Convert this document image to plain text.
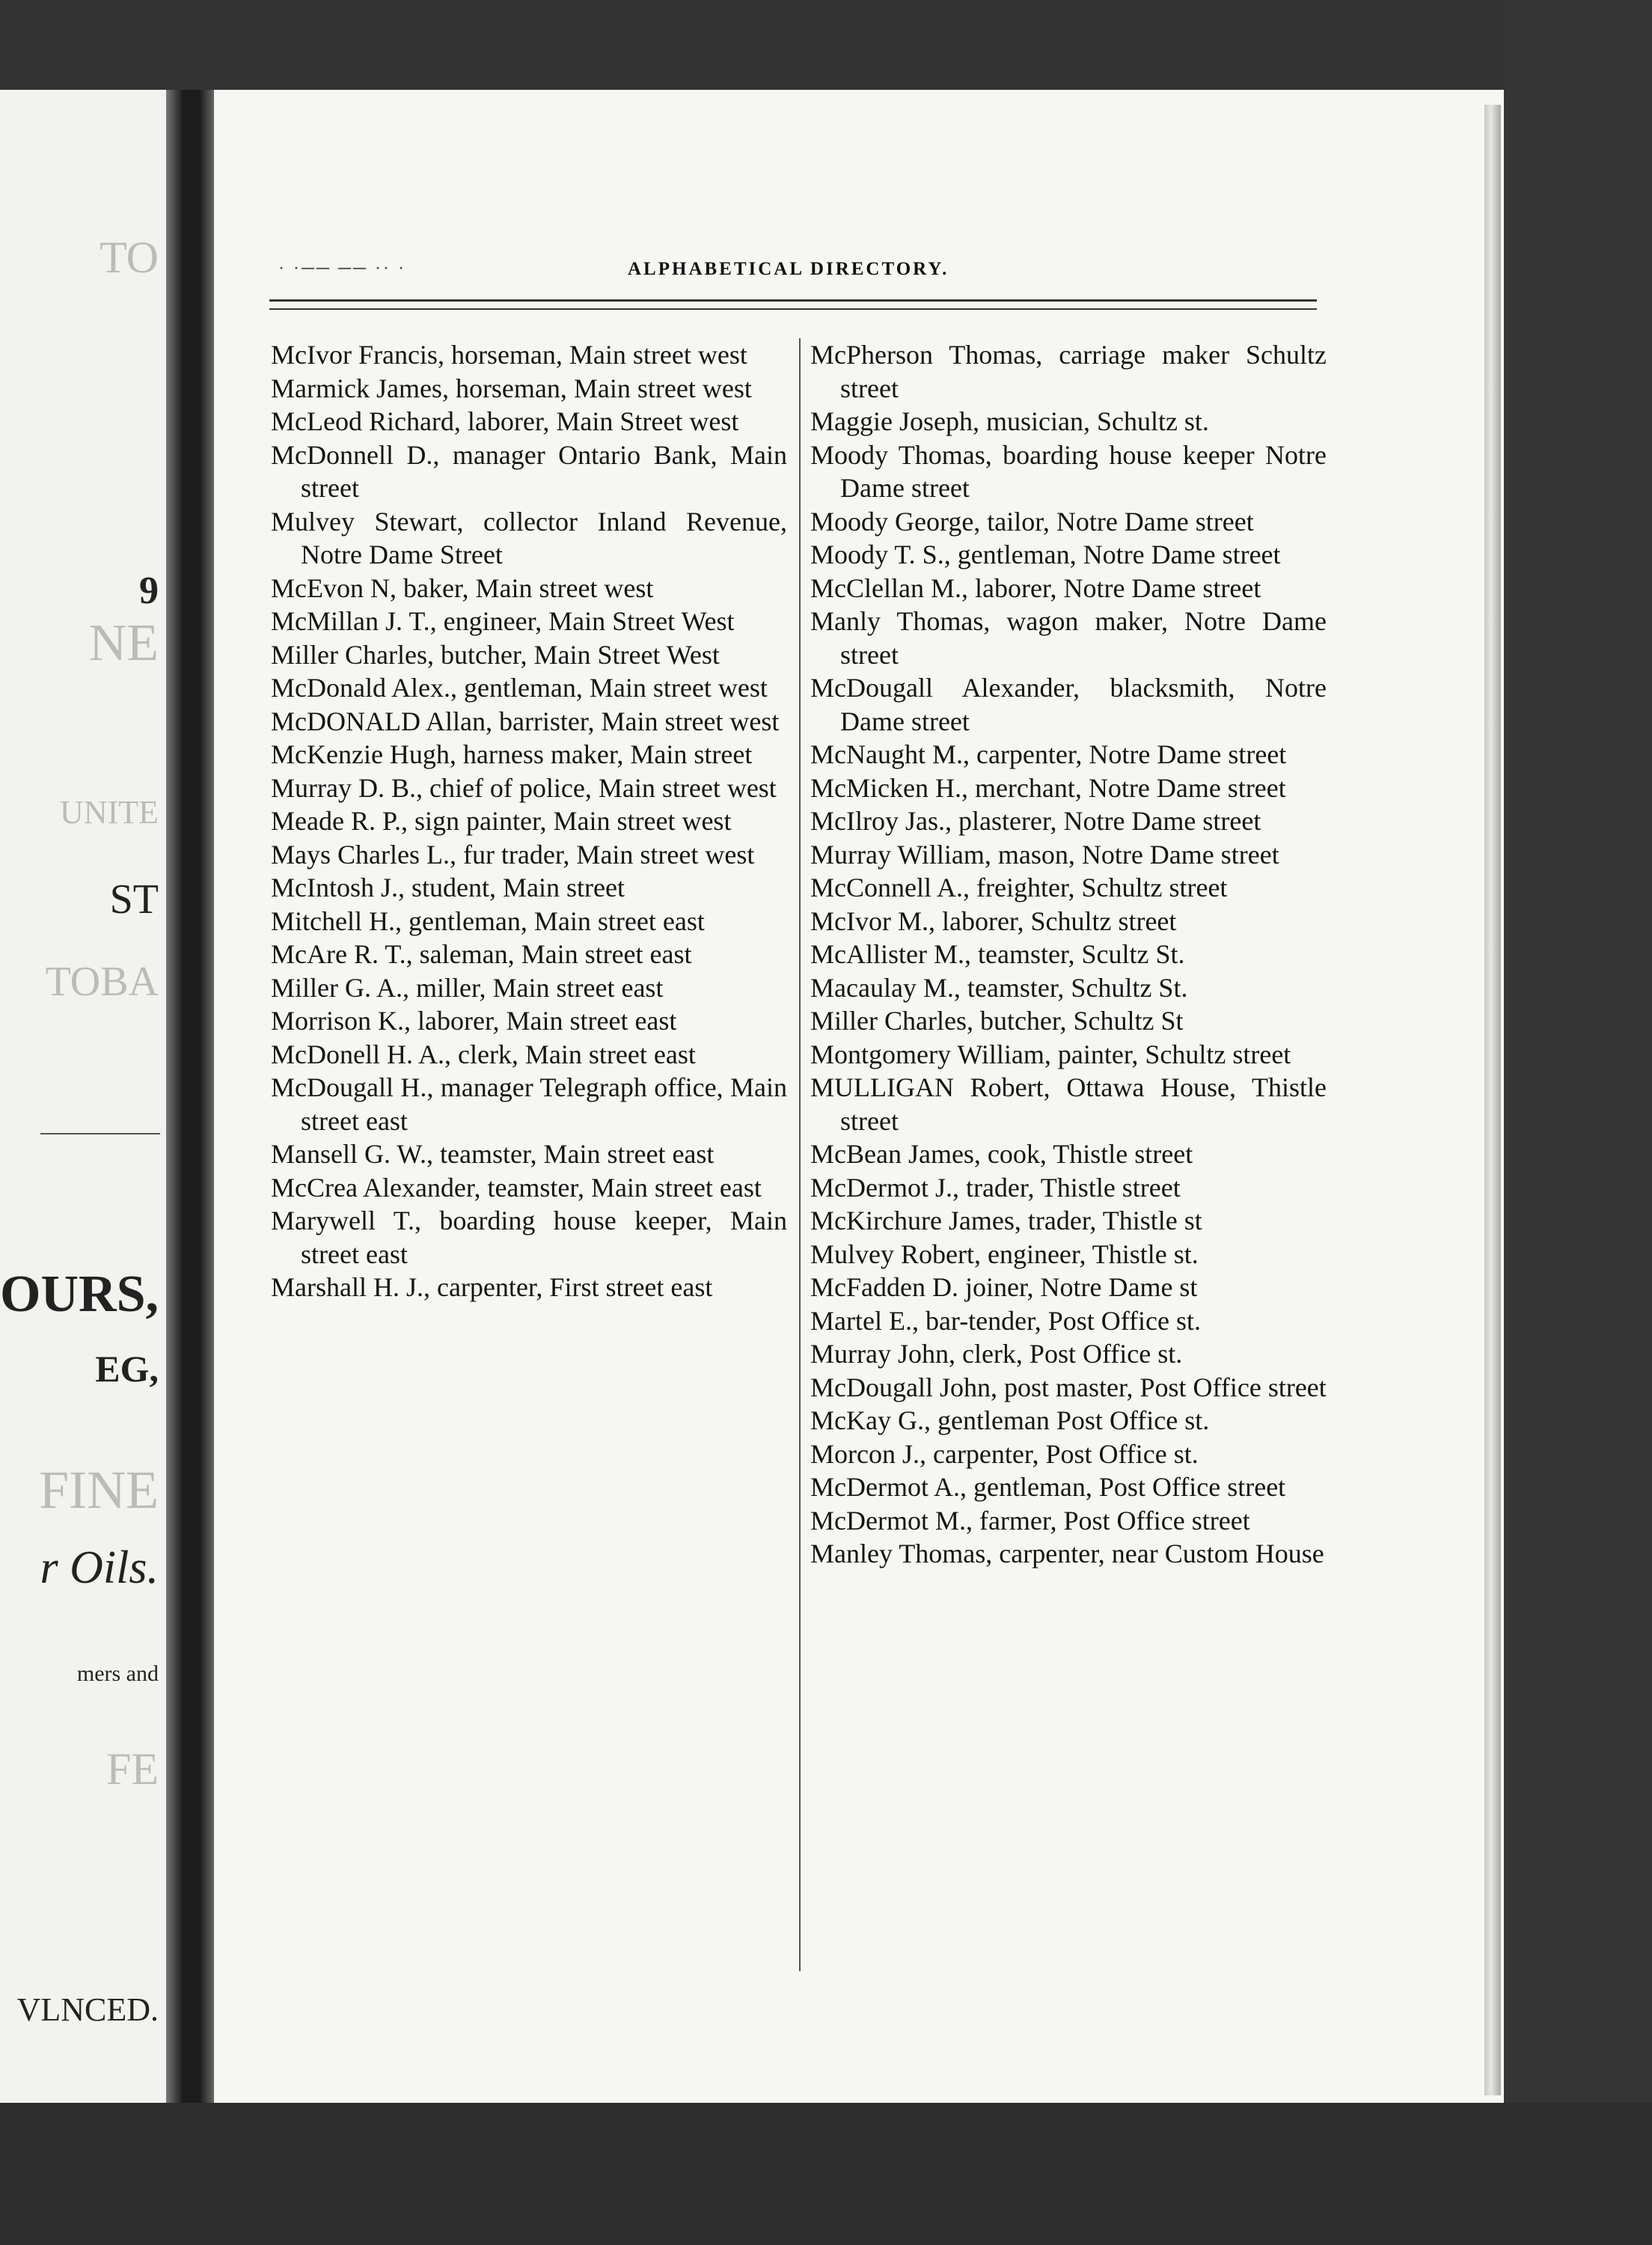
TO
9
NE
UNITE
ST
TOBA
OURS,
EG,
FINE
r Oils.
mers and
FE
VLNCED.
· ·── ── ·· ·	ALPHABETICAL DIRECTORY.

McIvor Francis, horseman, Main street west

Marmick James, horseman, Main street west

McLeod Richard, laborer, Main Street west

McDonnell D., manager Ontario Bank, Main street

Mulvey Stewart, collector Inland Revenue, Notre Dame Street

McEvon N, baker, Main street west

McMillan J. T., engineer, Main Street West

Miller Charles, butcher, Main Street West

McDonald Alex., gentleman, Main street west

McDONALD Allan, barrister, Main street west

McKenzie Hugh, harness maker, Main street

Murray D. B., chief of police, Main street west

Meade R. P., sign painter, Main street west

Mays Charles L., fur trader, Main street west

McIntosh J., student, Main street

Mitchell H., gentleman, Main street east

McAre R. T., saleman, Main street east

Miller G. A., miller, Main street east

Morrison K., laborer, Main street east

McDonell H. A., clerk, Main street east

McDougall H., manager Telegraph office, Main street east

Mansell G. W., teamster, Main street east

McCrea Alexander, teamster, Main street east

Marywell T., boarding house keeper, Main street east

Marshall H. J., carpenter, First street east

McPherson Thomas, carriage maker Schultz street

Maggie Joseph, musician, Schultz st.

Moody Thomas, boarding house keeper Notre Dame street

Moody George, tailor, Notre Dame street

Moody T. S., gentleman, Notre Dame street

McClellan M., laborer, Notre Dame street

Manly Thomas, wagon maker, Notre Dame street

McDougall Alexander, blacksmith, Notre Dame street

McNaught M., carpenter, Notre Dame street

McMicken H., merchant, Notre Dame street

McIlroy Jas., plasterer, Notre Dame street

Murray William, mason, Notre Dame street

McConnell A., freighter, Schultz street

McIvor M., laborer, Schultz street

McAllister M., teamster, Scultz St.

Macaulay M., teamster, Schultz St.

Miller Charles, butcher, Schultz St

Montgomery William, painter, Schultz street

MULLIGAN Robert, Ottawa House, Thistle street

McBean James, cook, Thistle street

McDermot J., trader, Thistle street

McKirchure James, trader, Thistle st

Mulvey Robert, engineer, Thistle st.

McFadden D. joiner, Notre Dame st

Martel E., bar-tender, Post Office st.

Murray John, clerk, Post Office st.

McDougall John, post master, Post Office street

McKay G., gentleman Post Office st.

Morcon J., carpenter, Post Office st.

McDermot A., gentleman, Post Office street

McDermot M., farmer, Post Office street

Manley Thomas, carpenter, near Custom House
